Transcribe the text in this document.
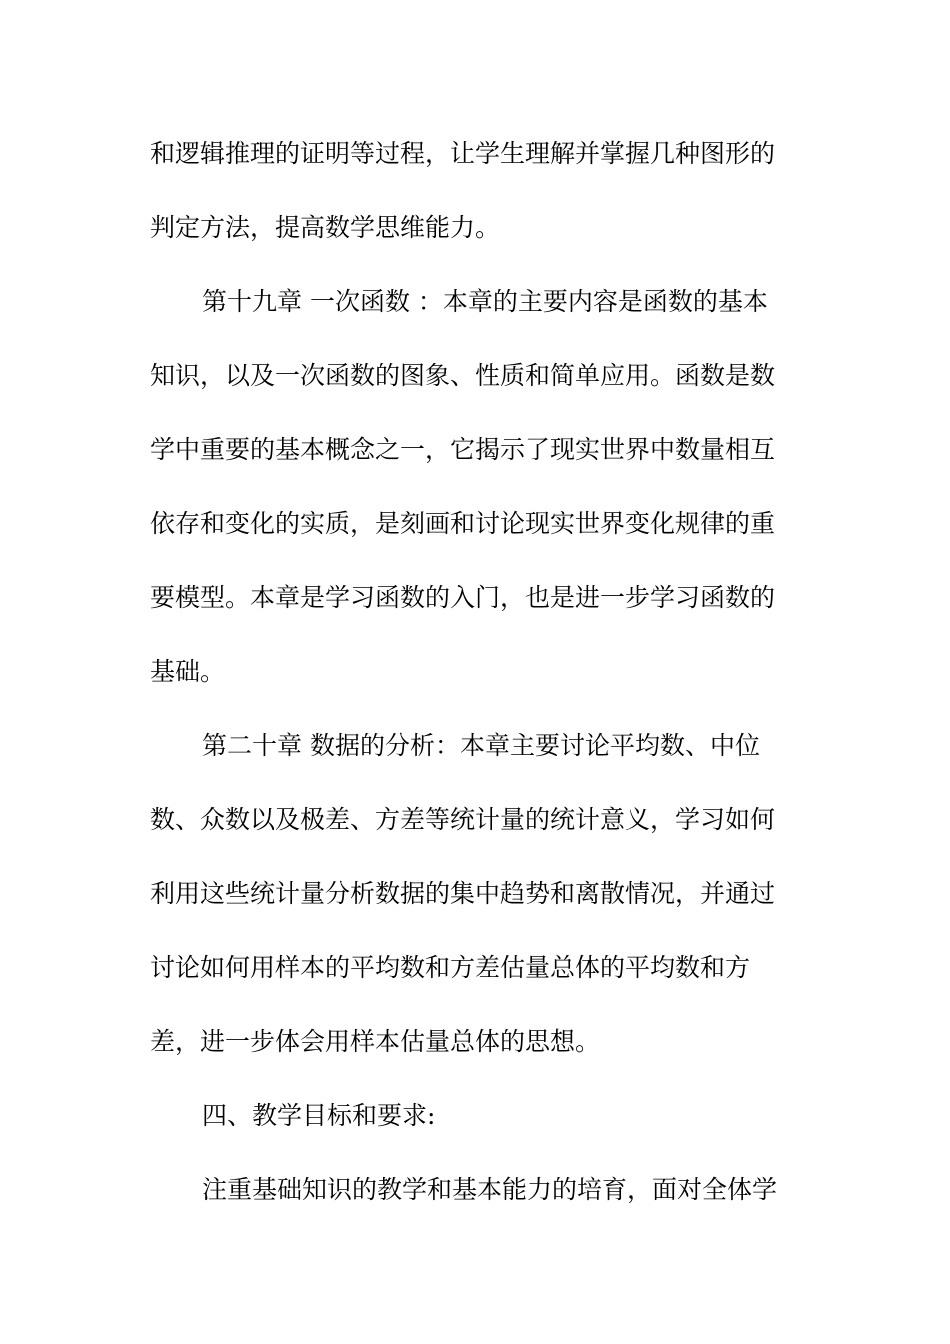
和逻辑推理的证明等过程，让学生理解并掌握几种图形的
判定方法，提高数学思维能力。
第十九章 一次函数 ：本章的主要内容是函数的基本
知识，以及一次函数的图象、性质和简单应用。函数是数
学中重要的基本概念之一，它揭示了现实世界中数量相互
依存和变化的实质，是刻画和讨论现实世界变化规律的重
要模型。本章是学习函数的入门，也是进一步学习函数的
基础。
第二十章 数据的分析：本章主要讨论平均数、中位
数、众数以及极差、方差等统计量的统计意义，学习如何
利用这些统计量分析数据的集中趋势和离散情况，并通过
讨论如何用样本的平均数和方差估量总体的平均数和方
差，进一步体会用样本估量总体的思想。
四、教学目标和要求:
注重基础知识的教学和基本能力的培育，面对全体学
